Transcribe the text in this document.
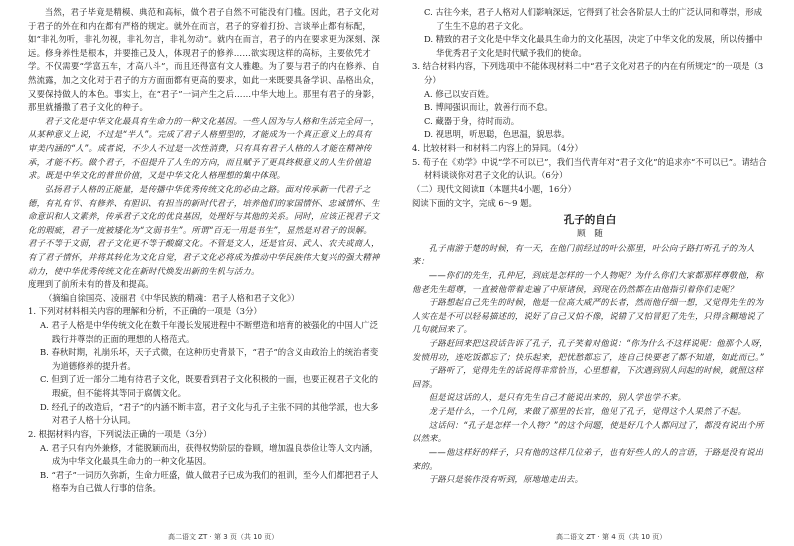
当然，君子毕竟是精模、典范和高标，做个君子自然不可能没有门槛。因此，君子文化对于君子的外在和内在都有严格的规定。就外在而言，君子的穿着打扮、言谈举止都有标配，如“非礼勿听，非礼勿视，非礼勿言，非礼勿动”。就内在而言，君子的内在要求更为深刻、深远。修身养性是根本，并要推己及人，体现君子的修养……欲实现这样的高标，主要依凭才学。不仅需要“学富五车，才高八斗”，而且还得富有文人雅趣。为了要与君子的内在修养、自然流露，加之文化对于君子的方方面面都有更高的要求，如此一来既要具备学识、品格出众，又要保持做人的本色。事实上，在“君子”一词产生之后……中华大地上。那里有君子的身影，那里就播撒了君子文化的种子。

君子文化是中华文化最具有生命力的一种文化基因。一些人因为与人格和生活完全同一，从某种意义上说，不过是“半人”。完成了君子人格塑型的，才能成为一个真正意义上的具有审美内涵的“人”。成者说，不少人不过是一次性消费，只有具有君子人格的人才能在精神传承，才能不朽。做个君子，不但提升了人生的方向，而且赋予了更具终极意义的人生价值追求。既是中华文化的普世价值，又是中华文化人格理想的集中体现。

弘扬君子人格的正能量，是传播中华优秀传统文化的必由之路。面对传承新一代君子之德，有礼有节、有修养、有胆识、有担当的新时代君子，培养他们的家国情怀、忠诚情怀、生命意识和人文素养，传承君子文化的优良基因，处理好与其他的关系。同时，应该正视君子文化的瑕疵，君子一度被矮化为“文弱书生”。所谓“百无一用是书生”，显然是对君子的误解。君子不等于文弱，君子文化更不等于酸腐文化。不管是文人，还是官员、武人、农夫或商人，有了君子情怀，并将其转化为文化自觉，君子文化必将成为推动中华民族伟大复兴的强大精神动力，使中华优秀传统文化在新时代焕发出新的生机与活力。

度理到了前所未有的普及和提高。

（摘编自徐国亮、凌丽君《中华民族的精魂：君子人格和君子文化》）

1. 下列对材料相关内容的理解和分析，不正确的一项是（3分）

A. 君子人格是中华传统文化在数千年漫长发展进程中不断塑造和培育的被强化的中国人广泛践行并尊崇的正面的理想的人格范式。

B. 春秋时期，礼崩乐坏，天子式微，在这种历史背景下，“君子”的含义由政治上的统治者变为道德修养的提升者。

C. 但到了近一部分二地有待君子文化，既要看到君子文化积极的一面，也要正视君子文化的瑕疵，但不能将其等同于腐儒文化。

D. 经孔子的改造后，“君子”的内涵不断丰富，君子文化与孔子主张不同的其他学派，也大多对君子人格十分认同。

2. 根据材料内容，下列说法正确的一项是（3分）

A. 君子只有内外兼修，才能脱颖而出，获得权势阶层的眷顾，增加温良恭俭让等人文内涵，成为中华文化最具生命力的一种文化基因。

B. “君子”一词历久弥新，生命力旺盛，做人做君子已成为我们的祖训，至今人们都把君子人格奉为自己做人行事的信条。

C. 古往今来，君子人格对人们影响深远，它得到了社会各阶层人士的广泛认同和尊崇，形成了生生不息的君子文化。

D. 精致的君子文化是中华文化最具生命力的文化基因，决定了中华文化的发展，所以传播中华优秀君子文化是时代赋予我们的使命。

3. 结合材料内容，下列选项中不能体现材料二中“君子文化对君子的内在有所规定”的一项是（3分）

A. 修己以安百姓。

B. 博闻强识而让，敦善行而不怠。

C. 藏器于身，待时而动。

D. 视思明，听思聪，色思温，貌思恭。

4. 比较材料一和材料二内容上的异同。（4分）

5. 荀子在《劝学》中说“学不可以已”，我们当代青年对“君子文化”的追求亦“不可以已”。请结合材料谈谈你对君子文化的认识。（6分）

（二）现代文阅读Ⅱ（本题共4小题，16分）

阅读下面的文字，完成 6～9 题。

孔子的自白

顾　随

孔子南游于楚的时候，有一天，在他门前经过的叶公那里，叶公向子路打听孔子的为人来：

——你们的先生，孔仲尼，到底是怎样的一个人物呢？为什么你们大家都那样尊敬他，称他老先生超尊，一直被他带着走遍了中原诸侯，到现在仍然都在由他指引着你们走呢？

于路想起自己先生的时候，他是一位高大威严的长者，然而他仔细一想，又觉得先生的为人实在是不可以轻易描述的，说好了自己又怕不像，说错了又怕冒犯了先生，只得含糊地说了几句就回来了。

子路赶回来把这段话告诉了孔子，孔子笑着对他说：“你为什么不这样说呢：他那个人呀，发愤用功，连吃饭都忘了；快乐起来，把忧愁都忘了，连自己快要老了都不知道，如此而已。”

子路听了，觉得先生的话说得非常恰当，心里想着，下次遇到别人问起的时候，就照这样回答。

但是说这话的人，是只有先生自己才能说出来的，别人学也学不来。

龙子是什么，一个几何，来做了那里的长官，他见了孔子，觉得这个人果然了不起。

这话问：“孔子是怎样一个人物？”的这个问题，使是好几个人都问过了，都没有说出个所以然来。

——他这样好的样子，只有他的这样几位弟子，也有好些人的人的言语，于路是没有说出来的。

于路只是装作没有听到，原地地走出去。

高二语文 ZT · 第 3 页（共 10 页）	高二语文 ZT · 第 4 页（共 10 页）
